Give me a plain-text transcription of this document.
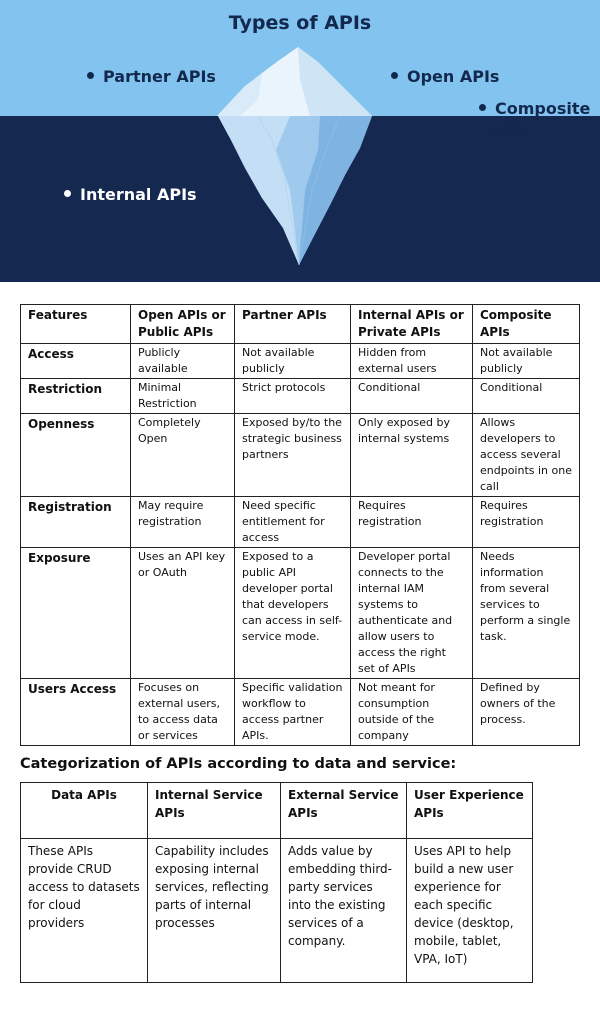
Types of APIs
Partner APIs	Open APIs
Composite
APIs
Internal APIs
Features	Open APIs or Public APIs	Partner APIs	Internal APIs or Private APIs	Composite APIs
Access	Publicly available	Not available publicly	Hidden from external users	Not available publicly
Restriction	Minimal Restriction	Strict protocols	Conditional	Conditional
Openness	Completely Open	Exposed by/to the strategic business partners	Only exposed by internal systems	Allows developers to access several endpoints in one call
Registration	May require registration	Need specific entitlement for access	Requires registration	Requires registration
Exposure	Uses an API key or OAuth	Exposed to a public API developer portal that developers can access in self-service mode.	Developer portal connects to the internal IAM systems to authenticate and allow users to access the right set of APIs	Needs information from several services to perform a single task.
Users Access	Focuses on external users, to access data or services	Specific validation workflow to access partner APIs.	Not meant for consumption outside of the company	Defined by owners of the process.
Categorization of APIs according to data and service:
Data APIs	Internal Service APIs	External Service APIs	User Experience APIs
These APIs provide CRUD access to datasets for cloud providers	Capability includes exposing internal services, reflecting parts of internal processes	Adds value by embedding third-party services into the existing services of a company.	Uses API to help build a new user experience for each specific device (desktop, mobile, tablet, VPA, IoT)
